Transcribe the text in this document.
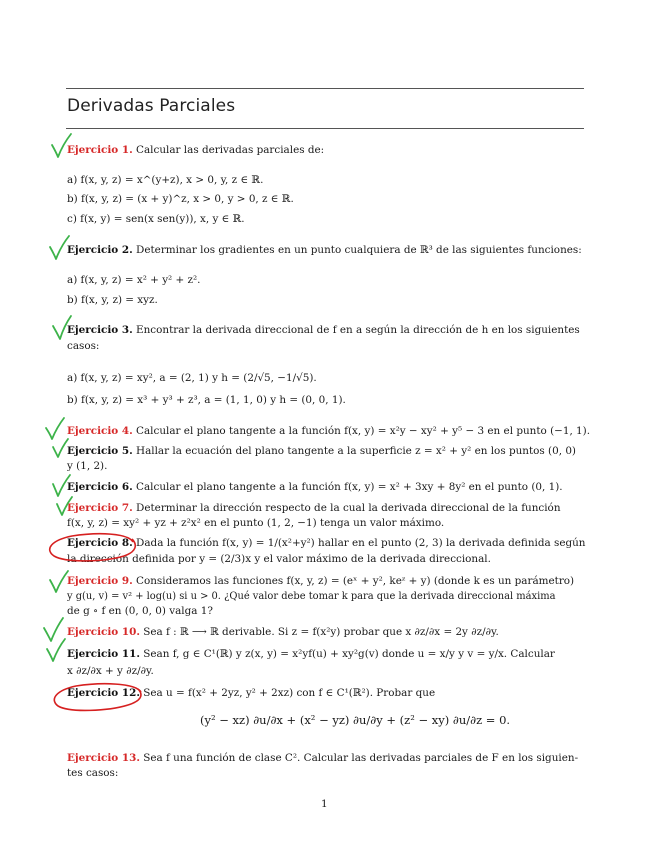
Derivadas Parciales
Ejercicio 1. Calcular las derivadas parciales de:
a) f(x, y, z) = x^(y+z), x > 0, y, z ∈ ℝ.
b) f(x, y, z) = (x + y)^z, x > 0, y > 0, z ∈ ℝ.
c) f(x, y) = sen(x sen(y)), x, y ∈ ℝ.
Ejercicio 2. Determinar los gradientes en un punto cualquiera de ℝ³ de las siguientes funciones:
a) f(x, y, z) = x² + y² + z².
b) f(x, y, z) = xyz.
Ejercicio 3. Encontrar la derivada direccional de f en a según la dirección de h en los siguientes
casos:
a) f(x, y, z) = xy², a = (2, 1) y h = (2/√5, −1/√5).
b) f(x, y, z) = x³ + y³ + z³, a = (1, 1, 0) y h = (0, 0, 1).
Ejercicio 4. Calcular el plano tangente a la función f(x, y) = x²y − xy² + y⁵ − 3 en el punto (−1, 1).
Ejercicio 5. Hallar la ecuación del plano tangente a la superficie z = x² + y² en los puntos (0, 0)
y (1, 2).
Ejercicio 6. Calcular el plano tangente a la función f(x, y) = x² + 3xy + 8y² en el punto (0, 1).
Ejercicio 7. Determinar la dirección respecto de la cual la derivada direccional de la función
f(x, y, z) = xy² + yz + z²x² en el punto (1, 2, −1) tenga un valor máximo.
Ejercicio 8. Dada la función f(x, y) = 1/(x²+y²) hallar en el punto (2, 3) la derivada definida según
la dirección definida por y = (2/3)x y el valor máximo de la derivada direccional.
Ejercicio 9. Consideramos las funciones f(x, y, z) = (eˣ + y², keᶻ + y) (donde k es un parámetro)
y g(u, v) = v² + log(u) si u > 0. ¿Qué valor debe tomar k para que la derivada direccional máxima
de g ∘ f en (0, 0, 0) valga 1?
Ejercicio 10. Sea f : ℝ ⟶ ℝ derivable. Si z = f(x²y) probar que x ∂z/∂x = 2y ∂z/∂y.
Ejercicio 11. Sean f, g ∈ C¹(ℝ) y z(x, y) = x²yf(u) + xy²g(v) donde u = x/y y v = y/x. Calcular
x ∂z/∂x + y ∂z/∂y.
Ejercicio 12. Sea u = f(x² + 2yz, y² + 2xz) con f ∈ C¹(ℝ²). Probar que
(y² − xz) ∂u/∂x + (x² − yz) ∂u/∂y + (z² − xy) ∂u/∂z = 0.
Ejercicio 13. Sea f una función de clase C². Calcular las derivadas parciales de F en los siguien-
tes casos:
1
